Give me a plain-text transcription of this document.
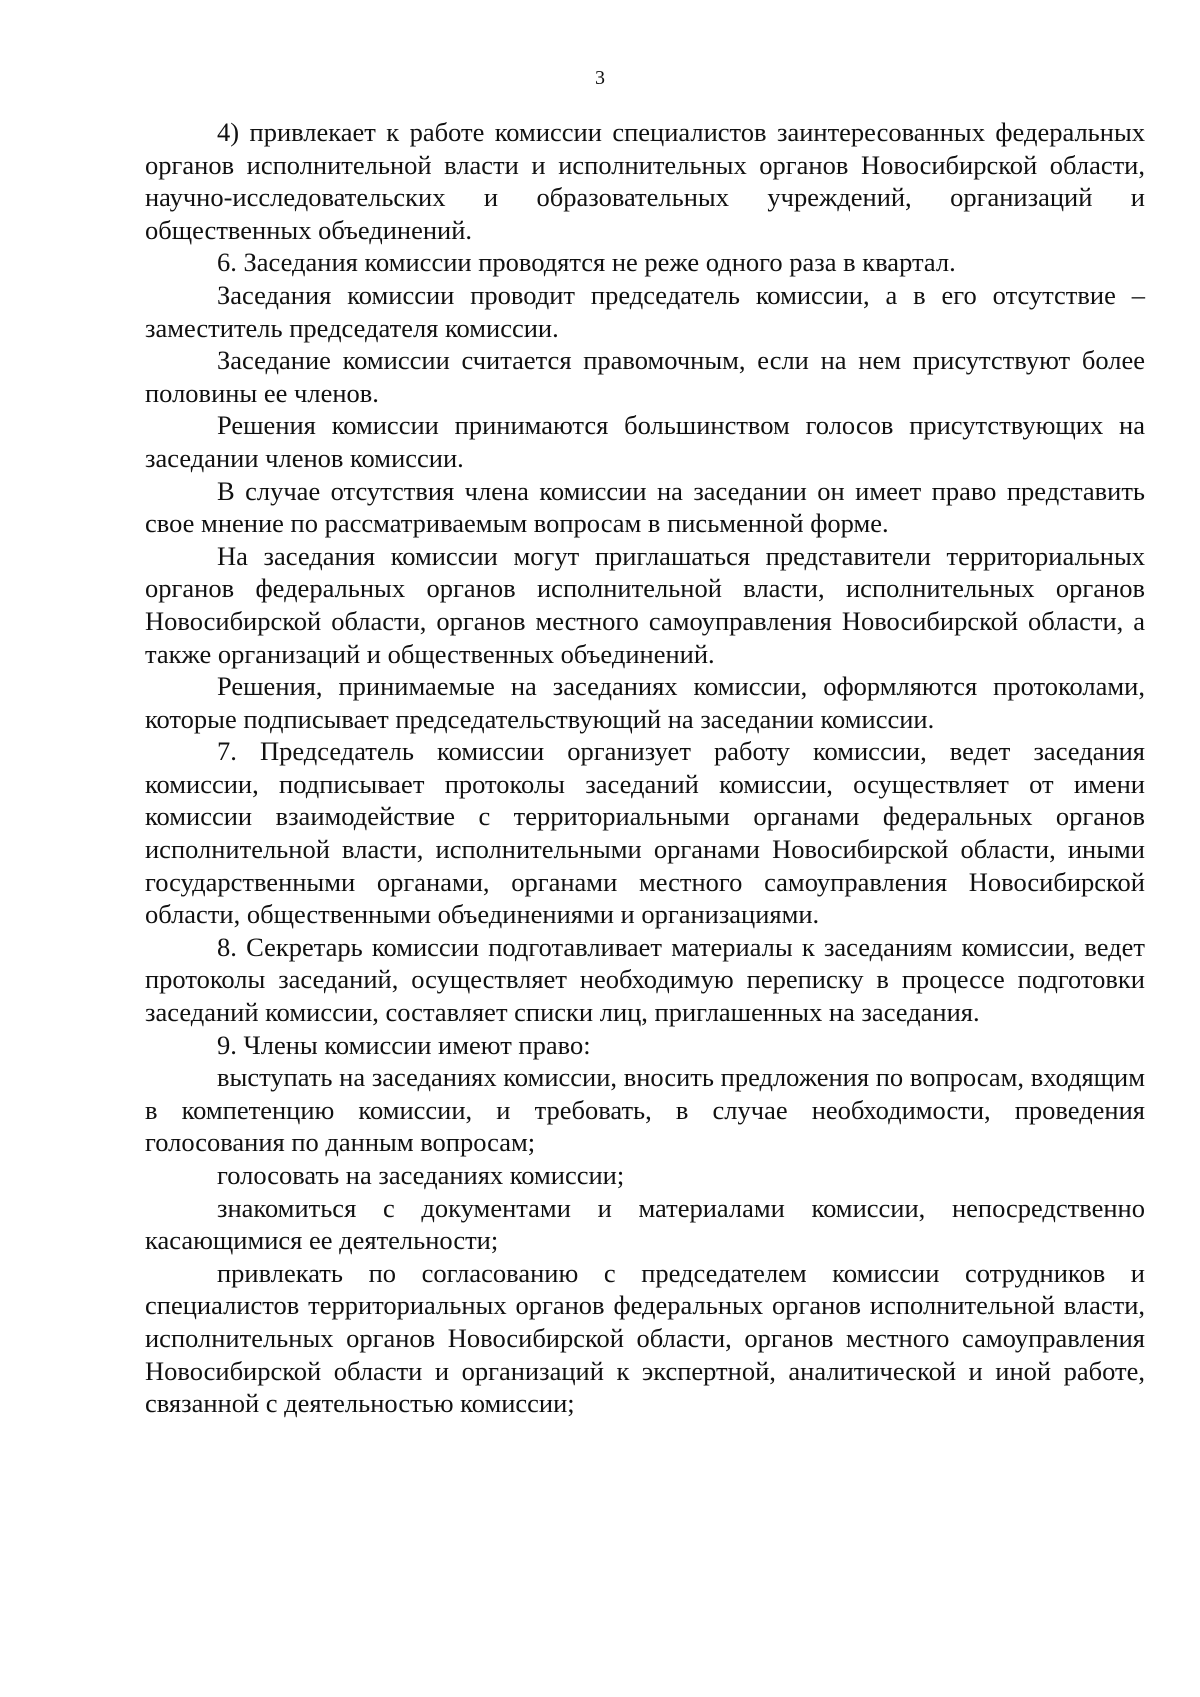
3

4) привлекает к работе комиссии специалистов заинтересованных федеральных органов исполнительной власти и исполнительных органов Новосибирской области, научно-исследовательских и образовательных учреждений, организаций и общественных объединений.

6. Заседания комиссии проводятся не реже одного раза в квартал.

Заседания комиссии проводит председатель комиссии, а в его отсутствие – заместитель председателя комиссии.

Заседание комиссии считается правомочным, если на нем присутствуют более половины ее членов.

Решения комиссии принимаются большинством голосов присутствующих на заседании членов комиссии.

В случае отсутствия члена комиссии на заседании он имеет право представить свое мнение по рассматриваемым вопросам в письменной форме.

На заседания комиссии могут приглашаться представители территориальных органов федеральных органов исполнительной власти, исполнительных органов Новосибирской области, органов местного самоуправления Новосибирской области, а также организаций и общественных объединений.

Решения, принимаемые на заседаниях комиссии, оформляются протоколами, которые подписывает председательствующий на заседании комиссии.

7. Председатель комиссии организует работу комиссии, ведет заседания комиссии, подписывает протоколы заседаний комиссии, осуществляет от имени комиссии взаимодействие с территориальными органами федеральных органов исполнительной власти, исполнительными органами Новосибирской области, иными государственными органами, органами местного самоуправления Новосибирской области, общественными объединениями и организациями.

8. Секретарь комиссии подготавливает материалы к заседаниям комиссии, ведет протоколы заседаний, осуществляет необходимую переписку в процессе подготовки заседаний комиссии, составляет списки лиц, приглашенных на заседания.

9. Члены комиссии имеют право:

выступать на заседаниях комиссии, вносить предложения по вопросам, входящим в компетенцию комиссии, и требовать, в случае необходимости, проведения голосования по данным вопросам;

голосовать на заседаниях комиссии;

знакомиться с документами и материалами комиссии, непосредственно касающимися ее деятельности;

привлекать по согласованию с председателем комиссии сотрудников и специалистов территориальных органов федеральных органов исполнительной власти, исполнительных органов Новосибирской области, органов местного самоуправления Новосибирской области и организаций к экспертной, аналитической и иной работе, связанной с деятельностью комиссии;
